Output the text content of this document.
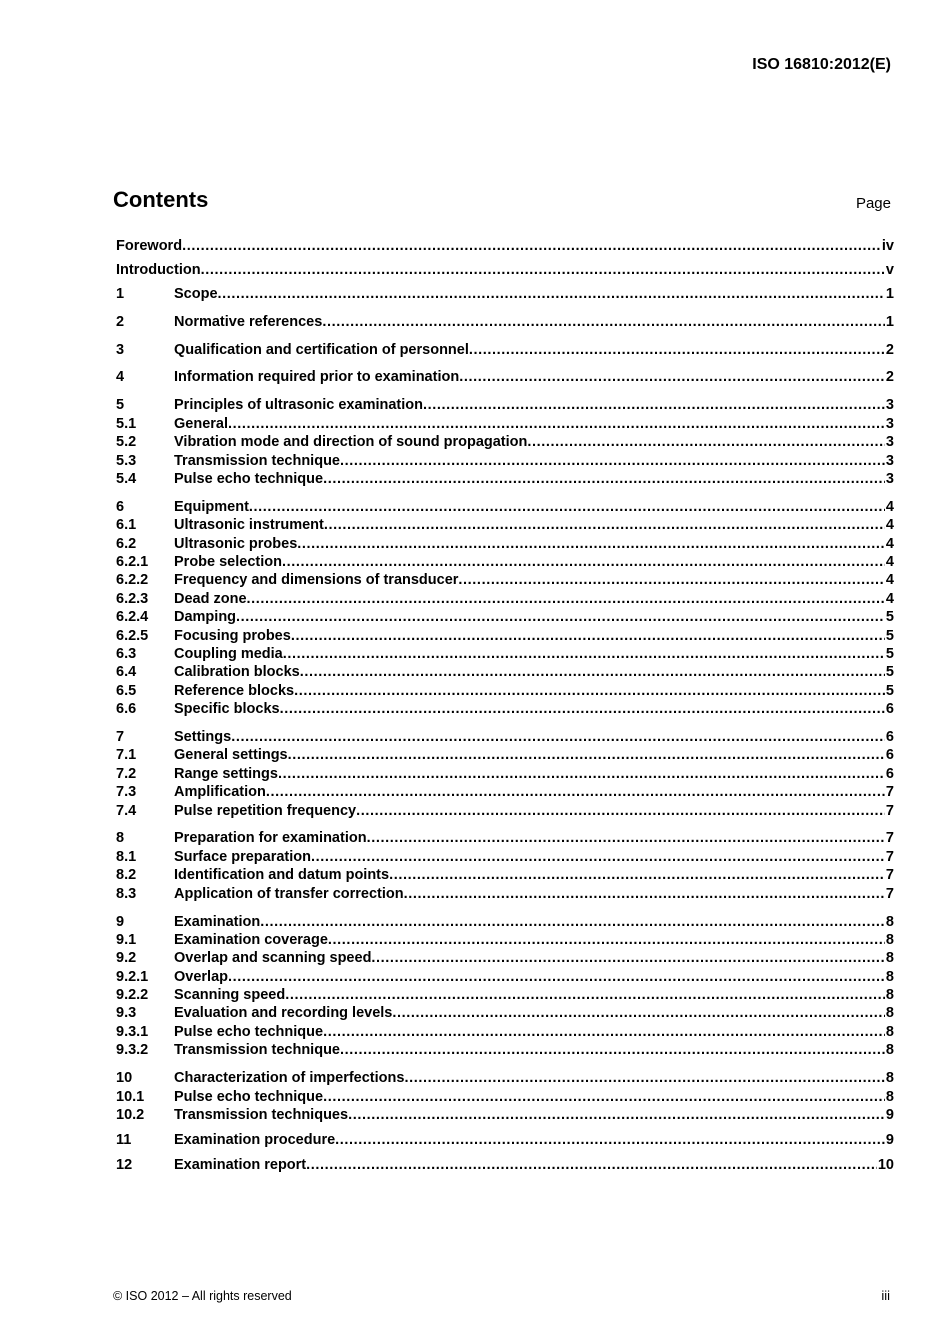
ISO 16810:2012(E)
Contents	Page
Foreword .....	iv
Introduction .....	v
1	Scope .....	1
2	Normative references .....	1
3	Qualification and certification of personnel .....	2
4	Information required prior to examination .....	2
5	Principles of ultrasonic examination .....	3
5.1	General .....	3
5.2	Vibration mode and direction of sound propagation .....	3
5.3	Transmission technique .....	3
5.4	Pulse echo technique .....	3
6	Equipment .....	4
6.1	Ultrasonic instrument .....	4
6.2	Ultrasonic probes .....	4
6.2.1	Probe selection .....	4
6.2.2	Frequency and dimensions of transducer .....	4
6.2.3	Dead zone .....	4
6.2.4	Damping .....	5
6.2.5	Focusing probes .....	5
6.3	Coupling media .....	5
6.4	Calibration blocks .....	5
6.5	Reference blocks .....	5
6.6	Specific blocks .....	6
7	Settings .....	6
7.1	General settings .....	6
7.2	Range settings .....	6
7.3	Amplification .....	7
7.4	Pulse repetition frequency .....	7
8	Preparation for examination .....	7
8.1	Surface preparation .....	7
8.2	Identification and datum points .....	7
8.3	Application of transfer correction .....	7
9	Examination .....	8
9.1	Examination coverage .....	8
9.2	Overlap and scanning speed .....	8
9.2.1	Overlap .....	8
9.2.2	Scanning speed .....	8
9.3	Evaluation and recording levels .....	8
9.3.1	Pulse echo technique .....	8
9.3.2	Transmission technique .....	8
10	Characterization of imperfections .....	8
10.1	Pulse echo technique .....	8
10.2	Transmission techniques .....	9
11	Examination procedure .....	9
12	Examination report .....	10
© ISO 2012 – All rights reserved	iii
